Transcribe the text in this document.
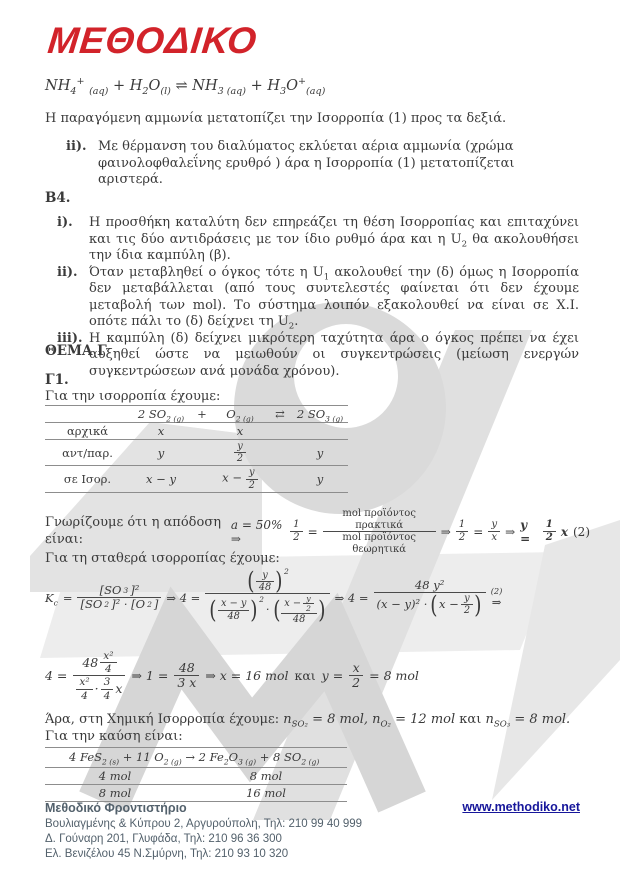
ΜΕΘΟΔΙΚΟ
$NH_4^+$ $_{(aq)} + H_2O_{(l)}$ ⇌ $NH_{3 (aq)} + H_3O^+_{(aq)}$
Η παραγόμενη αμμωνία μετατοπίζει την Ισορροπία (1) προς τα δεξιά.
ii). Με θέρμανση του διαλύματος εκλύεται αέρια αμμωνία (χρώμα φαινολοφθαλεΐνης ερυθρό ) άρα η Ισορροπία (1) μετατοπίζεται αριστερά.
Β4.
i).	Η προσθήκη καταλύτη δεν επηρεάζει τη θέση Ισορροπίας και επιταχύνει και τις δύο αντιδράσεις με τον ίδιο ρυθμό άρα και η $U_2$ θα ακολουθήσει την ίδια καμπύλη (β).
ii). Όταν μεταβληθεί ο όγκος τότε η $U_1$ ακολουθεί την (δ) όμως η Ισορροπία δεν μεταβάλλεται (από τους συντελεστές φαίνεται ότι δεν έχουμε μεταβολή των mol). Το σύστημα λοιπόν εξακολουθεί να είναι σε Χ.Ι. οπότε πάλι το (δ) δείχνει τη $U_2$.
iii). Η καμπύλη (δ) δείχνει μικρότερη ταχύτητα άρα ο όγκος πρέπει να έχει αυξηθεί ώστε να μειωθούν οι συγκεντρώσεις (μείωση ενεργών συγκεντρώσεων ανά μονάδα χρόνου).
ΘΕΜΑ Γ
Γ1.
Για την ισορροπία έχουμε:
2 $SO_{2 (g)}$	+	$O_{2 (g)}$	⇄	2 $SO_{3 (g)}$
αρχικά	x	x
αντ/παρ.	y	$\frac{y}{2}$	y
σε Ισορ.	x − y	$x - \frac{y}{2}$	y
Γνωρίζουμε ότι η απόδοση είναι:
a = 50% ⇒	$\frac{1}{2} = \frac{\text{mol προϊόντος πρακτικά}}{\text{mol προϊόντος θεωρητικά}}$ ⇒ $\frac{1}{2} = \frac{y}{x}$ ⇒ y =	$\frac{1}{2}$ x (2)
Για τη σταθερά ισορροπίας έχουμε:
$K_c = \frac{\text{[SO 3 ]²}}{\text{[SO 2 ]² · [O 2 ]}}$ ⇒ 4 = ( $\frac{y}{48}$ ) 2
( $\frac{x - y}{48}$ ) 2
· ( $\frac{x - \frac{y}{2}}{48}$ ) ⇒ $4 = \frac{\text{48 y²}}{(x - y)^2 \cdot ( x - \frac{y}{2} )} (2)$
⇒
$4 = \frac{48 \frac{\text{x²}}{4}}{\frac{\text{x²}}{4} \cdot \frac{3}{4} x}$ ⇒ $1 = \frac{48}{3 x}$ ⇒ x = 16 mol και $y = \frac{x}{2} = 8$ mol
Άρα, στη Χημική Ισορροπία έχουμε: $n_{SO_2} = 8$ mol, $n_{O_2} = 12$ mol και $n_{SO_3} = 8$ mol.
Για την καύση είναι:
4 FeS$_{2 (s)}$ + 11 $O_{2 (g)} \to 2$ $Fe_2O_{3 (g)} + 8$ $SO_{2 (g)}$
4 mol	8 mol
8 mol	16 mol
Μεθοδικό Φροντιστήριο
Βουλιαγμένης & Κύπρου 2, Αργυρούπολη, Τηλ: 210 99 40 999
Δ. Γούναρη 201, Γλυφάδα, Τηλ: 210 96 36 300
Ελ. Βενιζέλου 45 Ν.Σμύρνη, Τηλ: 210 93 10 320
www.methodiko.net
